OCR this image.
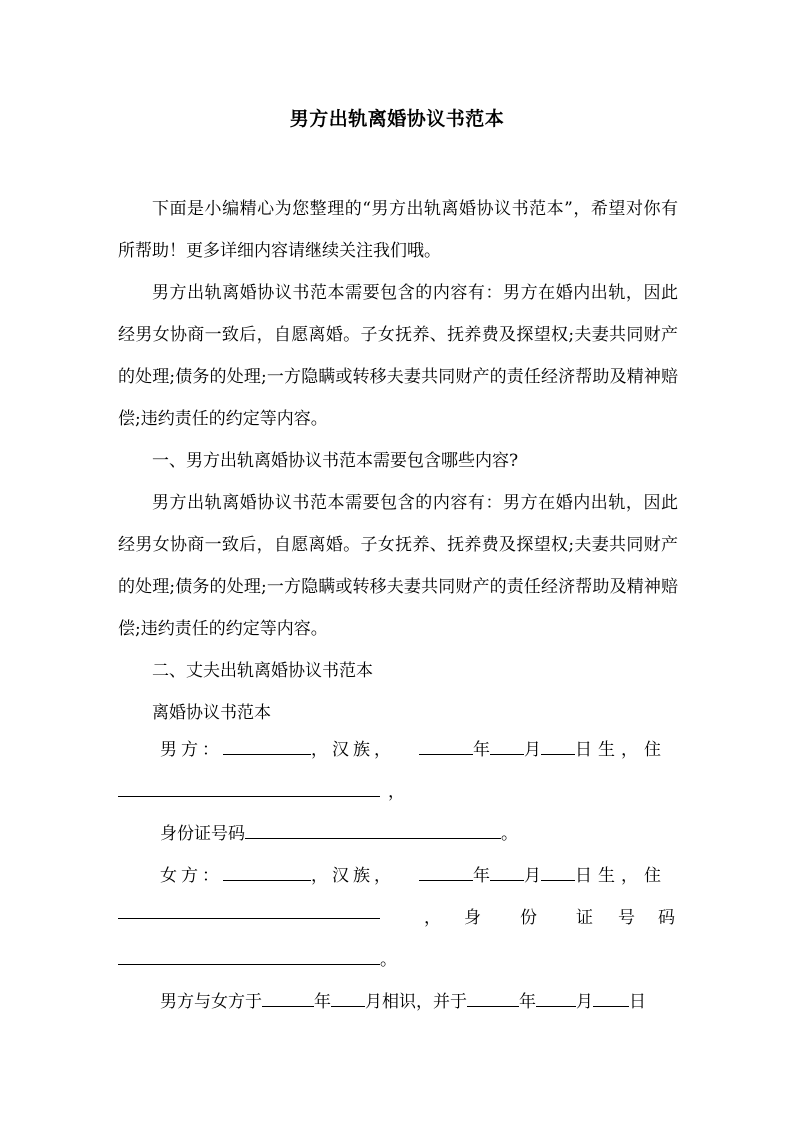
男方出轨离婚协议书范本

下面是小编精心为您整理的“男方出轨离婚协议书范本”，希望对你有所帮助！更多详细内容请继续关注我们哦。

男方出轨离婚协议书范本需要包含的内容有：男方在婚内出轨，因此经男女协商一致后，自愿离婚。子女抚养、抚养费及探望权;夫妻共同财产的处理;债务的处理;一方隐瞒或转移夫妻共同财产的责任经济帮助及精神赔偿;违约责任的约定等内容。

一、男方出轨离婚协议书范本需要包含哪些内容?

男方出轨离婚协议书范本需要包含的内容有：男方在婚内出轨，因此经男女协商一致后，自愿离婚。子女抚养、抚养费及探望权;夫妻共同财产的处理;债务的处理;一方隐瞒或转移夫妻共同财产的责任经济帮助及精神赔偿;违约责任的约定等内容。

二、丈夫出轨离婚协议书范本

离婚协议书范本

男方：	，汉族，	年 月 日生，住
，
身份证号码	。
女方：	，汉族，	年 月 日生，住
， 身 份 证 号 码
。
男方与女方于	年 月相识，并于	年 月 日
